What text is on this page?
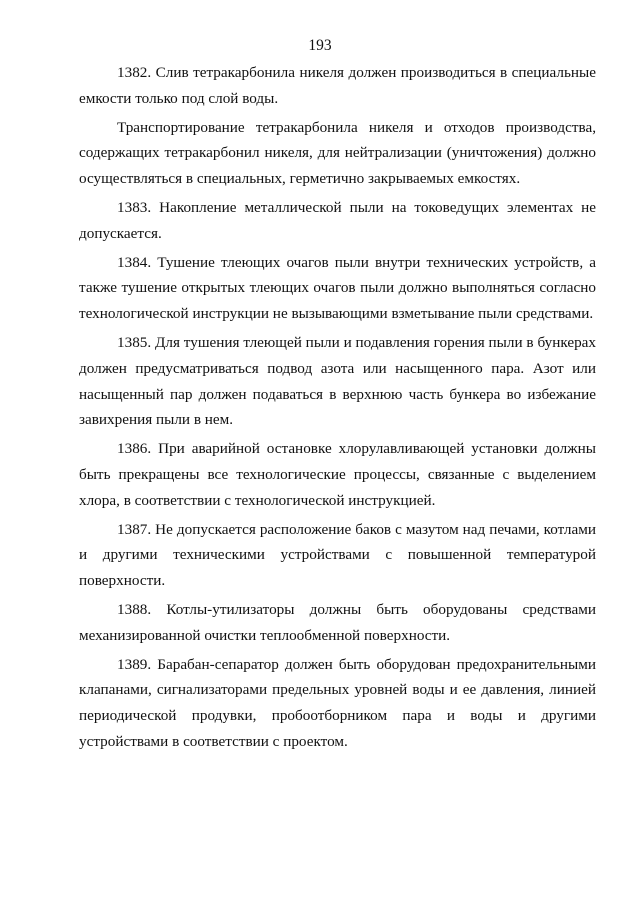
193

1382. Слив тетракарбонила никеля должен производиться в специальные емкости только под слой воды.

Транспортирование тетракарбонила никеля и отходов производства, содержащих тетракарбонил никеля, для нейтрализации (уничтожения) должно осуществляться в специальных, герметично закрываемых емкостях.

1383. Накопление металлической пыли на токоведущих элементах не допускается.

1384. Тушение тлеющих очагов пыли внутри технических устройств, а также тушение открытых тлеющих очагов пыли должно выполняться согласно технологической инструкции не вызывающими взметывание пыли средствами.

1385. Для тушения тлеющей пыли и подавления горения пыли в бункерах должен предусматриваться подвод азота или насыщенного пара. Азот или насыщенный пар должен подаваться в верхнюю часть бункера во избежание завихрения пыли в нем.

1386. При аварийной остановке хлорулавливающей установки должны быть прекращены все технологические процессы, связанные с выделением хлора, в соответствии с технологической инструкцией.

1387. Не допускается расположение баков с мазутом над печами, котлами и другими техническими устройствами с повышенной температурой поверхности.

1388. Котлы-утилизаторы должны быть оборудованы средствами механизированной очистки теплообменной поверхности.

1389. Барабан-сепаратор должен быть оборудован предохранительными клапанами, сигнализаторами предельных уровней воды и ее давления, линией периодической продувки, пробоотборником пара и воды и другими устройствами в соответствии с проектом.
